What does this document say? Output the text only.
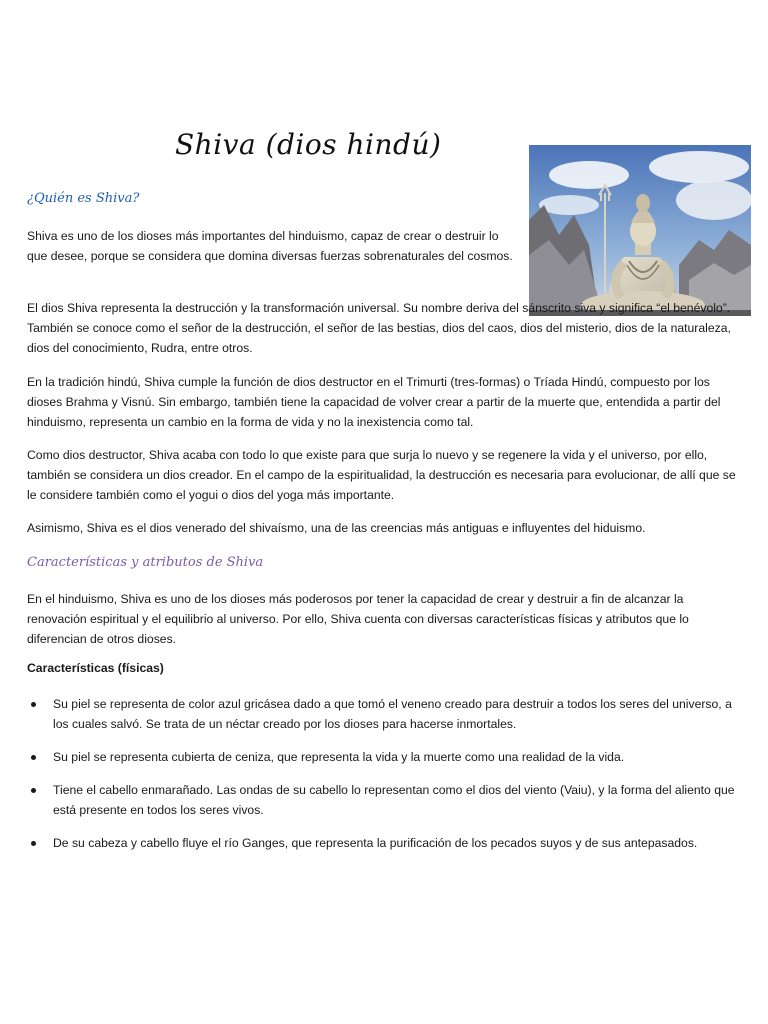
Shiva (dios hindú)
¿Quién es Shiva?

Shiva es uno de los dioses más importantes del hinduismo, capaz de crear o destruir lo que desee, porque se considera que domina diversas fuerzas sobrenaturales del cosmos.

El dios Shiva representa la destrucción y la transformación universal. Su nombre deriva del sánscrito siva y significa “el benévolo”. También se conoce como el señor de la destrucción, el señor de las bestias, dios del caos, dios del misterio, dios de la naturaleza, dios del conocimiento, Rudra, entre otros.

En la tradición hindú, Shiva cumple la función de dios destructor en el Trimurti (tres-formas) o Tríada Hindú, compuesto por los dioses Brahma y Visnú. Sin embargo, también tiene la capacidad de volver crear a partir de la muerte que, entendida a partir del hinduismo, representa un cambio en la forma de vida y no la inexistencia como tal.

Como dios destructor, Shiva acaba con todo lo que existe para que surja lo nuevo y se regenere la vida y el universo, por ello, también se considera un dios creador. En el campo de la espiritualidad, la destrucción es necesaria para evolucionar, de allí que se le considere también como el yogui o dios del yoga más importante.

Asimismo, Shiva es el dios venerado del shivaísmo, una de las creencias más antiguas e influyentes del hiduismo.

Características y atributos de Shiva

En el hinduismo, Shiva es uno de los dioses más poderosos por tener la capacidad de crear y destruir a fin de alcanzar la renovación espiritual y el equilibrio al universo. Por ello, Shiva cuenta con diversas características físicas y atributos que lo diferencian de otros dioses.

Características (físicas)
Su piel se representa de color azul gricásea dado a que tomó el veneno creado para destruir a todos los seres del universo, a los cuales salvó. Se trata de un néctar creado por los dioses para hacerse inmortales.
Su piel se representa cubierta de ceniza, que representa la vida y la muerte como una realidad de la vida.
Tiene el cabello enmarañado. Las ondas de su cabello lo representan como el dios del viento (Vaiu), y la forma del aliento que está presente en todos los seres vivos.
De su cabeza y cabello fluye el río Ganges, que representa la purificación de los pecados suyos y de sus antepasados.
